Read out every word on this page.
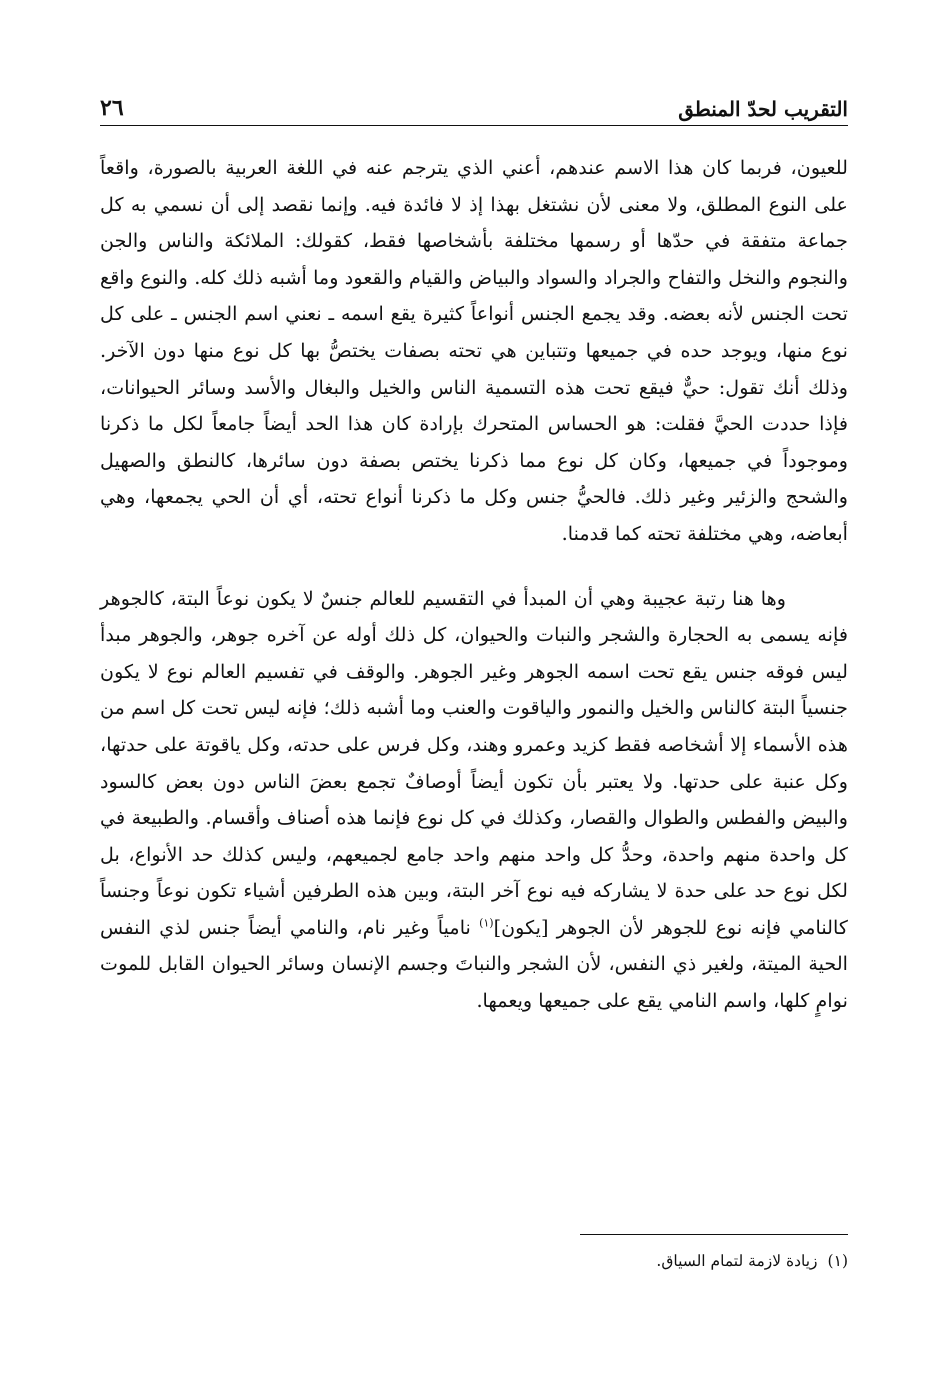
التقريب لحدّ المنطق
٢٦

للعيون، فربما كان هذا الاسم عندهم، أعني الذي يترجم عنه في اللغة العربية بالصورة، واقعاً على النوع المطلق، ولا معنى لأن نشتغل بهذا إذ لا فائدة فيه. وإنما نقصد إلى أن نسمي به كل جماعة متفقة في حدّها أو رسمها مختلفة بأشخاصها فقط، كقولك: الملائكة والناس والجن والنجوم والنخل والتفاح والجراد والسواد والبياض والقيام والقعود وما أشبه ذلك كله. والنوع واقع تحت الجنس لأنه بعضه. وقد يجمع الجنس أنواعاً كثيرة يقع اسمه ـ نعني اسم الجنس ـ على كل نوع منها، ويوجد حده في جميعها وتتباين هي تحته بصفات يختصُّ بها كل نوع منها دون الآخر. وذلك أنك تقول: حيٌّ فيقع تحت هذه التسمية الناس والخيل والبغال والأسد وسائر الحيوانات، فإذا حددت الحيَّ فقلت: هو الحساس المتحرك بإرادة كان هذا الحد أيضاً جامعاً لكل ما ذكرنا وموجوداً في جميعها، وكان كل نوع مما ذكرنا يختص بصفة دون سائرها، كالنطق والصهيل والشحج والزئير وغير ذلك. فالحيُّ جنس وكل ما ذكرنا أنواع تحته، أي أن الحي يجمعها، وهي أبعاضه، وهي مختلفة تحته كما قدمنا.

وها هنا رتبة عجيبة وهي أن المبدأ في التقسيم للعالم جنسٌ لا يكون نوعاً البتة، كالجوهر فإنه يسمى به الحجارة والشجر والنبات والحيوان، كل ذلك أوله عن آخره جوهر، والجوهر مبدأ ليس فوقه جنس يقع تحت اسمه الجوهر وغير الجوهر. والوقف في تفسيم العالم نوع لا يكون جنسياً البتة كالناس والخيل والنمور والياقوت والعنب وما أشبه ذلك؛ فإنه ليس تحت كل اسم من هذه الأسماء إلا أشخاصه فقط كزيد وعمرو وهند، وكل فرس على حدته، وكل ياقوتة على حدتها، وكل عنبة على حدتها. ولا يعتبر بأن تكون أيضاً أوصافٌ تجمع بعضَ الناس دون بعض كالسود والبيض والفطس والطوال والقصار، وكذلك في كل نوع فإنما هذه أصناف وأقسام. والطبيعة في كل واحدة منهم واحدة، وحدُّ كل واحد منهم واحد جامع لجميعهم، وليس كذلك حد الأنواع، بل لكل نوع حد على حدة لا يشاركه فيه نوع آخر البتة، وبين هذه الطرفين أشياء تكون نوعاً وجنساً كالنامي فإنه نوع للجوهر لأن الجوهر [يكون]$^{(١)}$ نامياً وغير نام، والنامي أيضاً جنس لذي النفس الحية الميتة، ولغير ذي النفس، لأن الشجر والنباتَ وجسم الإنسان وسائر الحيوان القابل للموت نوامٍ كلها، واسم النامي يقع على جميعها ويعمها.

(١)زيادة لازمة لتمام السياق.
